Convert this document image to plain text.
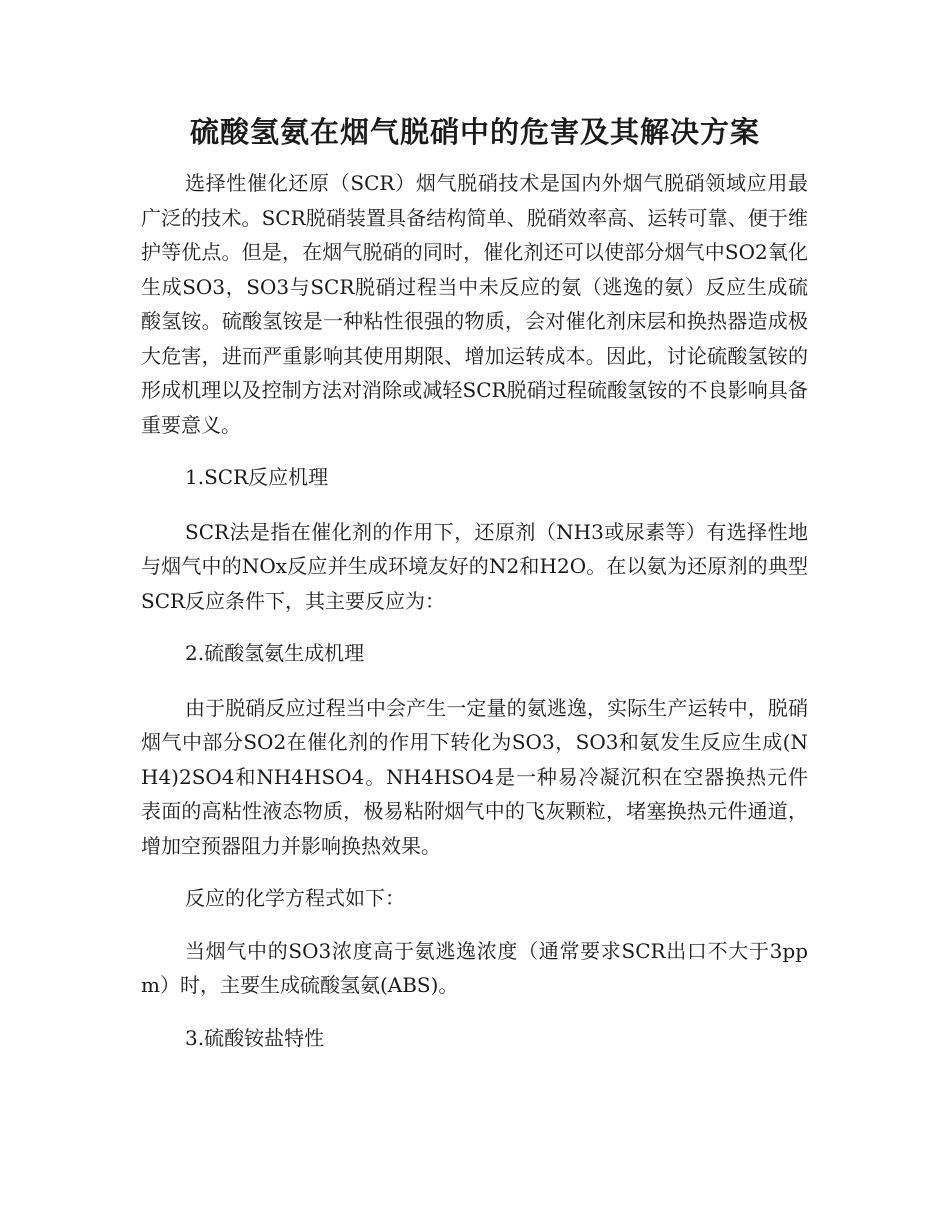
硫酸氢氨在烟气脱硝中的危害及其解决方案

选择性催化还原（SCR）烟气脱硝技术是国内外烟气脱硝领域应用最广泛的技术。SCR脱硝装置具备结构简单、脱硝效率高、运转可靠、便于维护等优点。但是，在烟气脱硝的同时，催化剂还可以使部分烟气中SO2氧化生成SO3，SO3与SCR脱硝过程当中未反应的氨（逃逸的氨）反应生成硫酸氢铵。硫酸氢铵是一种粘性很强的物质，会对催化剂床层和换热器造成极大危害，进而严重影响其使用期限、增加运转成本。因此，讨论硫酸氢铵的形成机理以及控制方法对消除或减轻SCR脱硝过程硫酸氢铵的不良影响具备重要意义。

1.SCR反应机理

SCR法是指在催化剂的作用下，还原剂（NH3或尿素等）有选择性地与烟气中的NOx反应并生成环境友好的N2和H2O。在以氨为还原剂的典型SCR反应条件下，其主要反应为：

2.硫酸氢氨生成机理

由于脱硝反应过程当中会产生一定量的氨逃逸，实际生产运转中，脱硝烟气中部分SO2在催化剂的作用下转化为SO3，SO3和氨发生反应生成(NH4)2SO4和NH4HSO4。NH4HSO4是一种易冷凝沉积在空器换热元件表面的高粘性液态物质，极易粘附烟气中的飞灰颗粒，堵塞换热元件通道，增加空预器阻力并影响换热效果。

反应的化学方程式如下：

当烟气中的SO3浓度高于氨逃逸浓度（通常要求SCR出口不大于3ppm）时，主要生成硫酸氢氨(ABS)。

3.硫酸铵盐特性
